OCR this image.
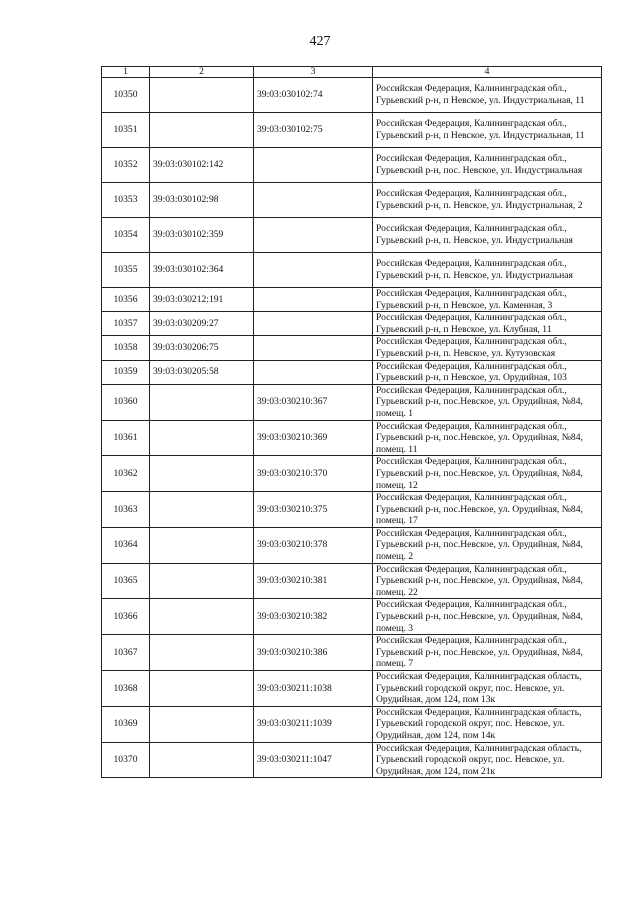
427
1	2	3	4
10350		39:03:030102:74	Российская Федерация, Калининградская обл., Гурьевский р-н, п Невское, ул. Индустриальная, 11
10351		39:03:030102:75	Российская Федерация, Калининградская обл., Гурьевский р-н, п Невское, ул. Индустриальная, 11
10352	39:03:030102:142		Российская Федерация, Калининградская обл., Гурьевский р-н, пос. Невское, ул. Индустриальная
10353	39:03:030102:98		Российская Федерация, Калининградская обл., Гурьевский р-н, п. Невское, ул. Индустриальная, 2
10354	39:03:030102:359		Российская Федерация, Калининградская обл., Гурьевский р-н, п. Невское, ул. Индустриальная
10355	39:03:030102:364		Российская Федерация, Калининградская обл., Гурьевский р-н, п. Невское, ул. Индустриальная
10356	39:03:030212:191		Российская Федерация, Калининградская обл., Гурьевский р-н, п Невское, ул. Каменная, 3
10357	39:03:030209:27		Российская Федерация, Калининградская обл., Гурьевский р-н, п Невское, ул. Клубная, 11
10358	39:03:030206:75		Российская Федерация, Калининградская обл., Гурьевский р-н, п. Невское, ул. Кутузовская
10359	39:03:030205:58		Российская Федерация, Калининградская обл., Гурьевский р-н, п Невское, ул. Орудийная, 103
10360		39:03:030210:367	Российская Федерация, Калининградская обл., Гурьевский р-н, пос.Невское, ул. Орудийная, №84, помещ. 1
10361		39:03:030210:369	Российская Федерация, Калининградская обл., Гурьевский р-н, пос.Невское, ул. Орудийная, №84, помещ. 11
10362		39:03:030210:370	Российская Федерация, Калининградская обл., Гурьевский р-н, пос.Невское, ул. Орудийная, №84, помещ. 12
10363		39:03:030210:375	Российская Федерация, Калининградская обл., Гурьевский р-н, пос.Невское, ул. Орудийная, №84, помещ. 17
10364		39:03:030210:378	Российская Федерация, Калининградская обл., Гурьевский р-н, пос.Невское, ул. Орудийная, №84, помещ. 2
10365		39:03:030210:381	Российская Федерация, Калининградская обл., Гурьевский р-н, пос.Невское, ул. Орудийная, №84, помещ. 22
10366		39:03:030210:382	Российская Федерация, Калининградская обл., Гурьевский р-н, пос.Невское, ул. Орудийная, №84, помещ. 3
10367		39:03:030210:386	Российская Федерация, Калининградская обл., Гурьевский р-н, пос.Невское, ул. Орудийная, №84, помещ. 7
10368		39:03:030211:1038	Российская Федерация, Калининградская область, Гурьевский городской округ, пос. Невское, ул. Орудийная, дом 124, пом 13к
10369		39:03:030211:1039	Российская Федерация, Калининградская область, Гурьевский городской округ, пос. Невское, ул. Орудийная, дом 124, пом 14к
10370		39:03:030211:1047	Российская Федерация, Калининградская область, Гурьевский городской округ, пос. Невское, ул. Орудийная, дом 124, пом 21к
